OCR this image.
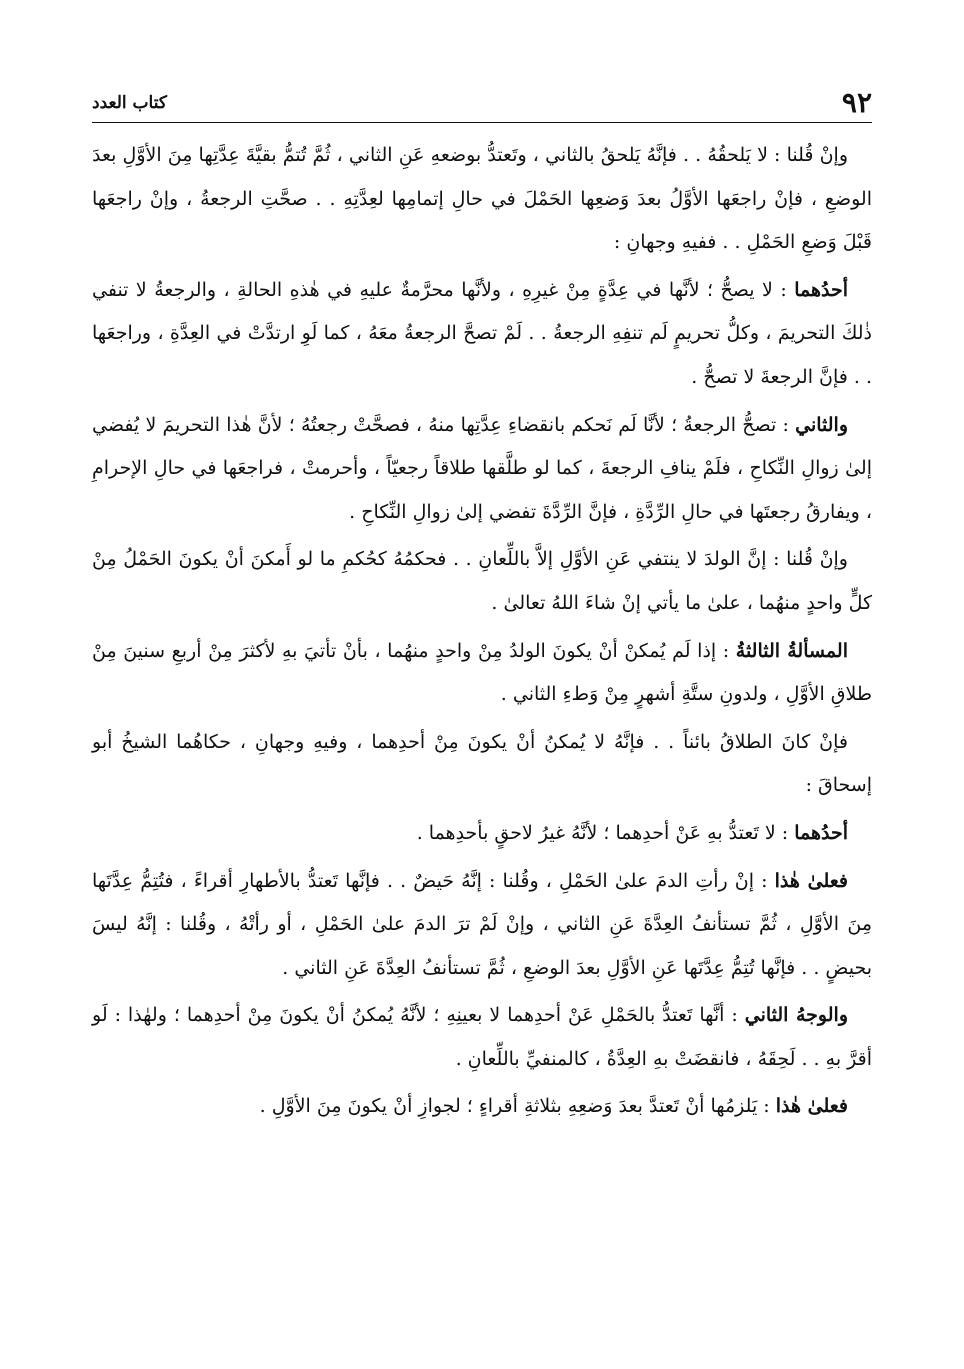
٩٢
كتاب العدد

وإنْ قُلنا : لا يَلحقُهُ . . فإنَّهُ يَلحقُ بالثاني ، وتَعتدُّ بوضعهِ عَنِ الثاني ، ثُمَّ تُتمُّ بقيَّةَ عِدَّتِها مِنَ الأوَّلِ بعدَ الوضعِ ، فإنْ راجعَها الأوَّلُ بعدَ وَضعِها الحَمْلَ في حالِ إتمامِها لعِدَّتِهِ . . صحَّتِ الرجعةُ ، وإنْ راجعَها قَبْلَ وَضعِ الحَمْلِ . . ففيهِ وجهانِ :

أحدُهما : لا يصحُّ ؛ لأنَّها في عِدَّةٍ مِنْ غيرِهِ ، ولأنَّها محرَّمةٌ عليهِ في هٰذهِ الحالةِ ، والرجعةُ لا تنفي ذٰلكَ التحريمَ ، وكلُّ تحريمٍ لَم تنفِهِ الرجعةُ . . لَمْ تصحَّ الرجعةُ معَهُ ، كما لَوِ ارتدَّتْ في العِدَّةِ ، وراجعَها . . فإنَّ الرجعةَ لا تصحُّ .

والثاني : تصحُّ الرجعةُ ؛ لأنَّا لَم نَحكم بانقضاءِ عِدَّتِها منهُ ، فصحَّتْ رجعتُهُ ؛ لأنَّ هٰذا التحريمَ لا يُفضي إلىٰ زوالِ النِّكاحِ ، فلَمْ ينافِ الرجعةَ ، كما لو طلَّقها طلاقاً رجعيّاً ، وأحرمتْ ، فراجعَها في حالِ الإحرامِ ، ويفارقُ رجعتَها في حالِ الرِّدَّةِ ، فإنَّ الرِّدَّةَ تفضي إلىٰ زوالِ النِّكاحِ .

وإنْ قُلنا : إنَّ الولدَ لا ينتفي عَنِ الأوَّلِ إلاَّ باللِّعانِ . . فحكمُهُ كحُكمِ ما لو أَمكنَ أنْ يكونَ الحَمْلُ مِنْ كلٍّ واحدٍ منهُما ، علىٰ ما يأتي إنْ شاءَ اللهُ تعالىٰ .

المسألةُ الثالثةُ : إذا لَم يُمكنْ أنْ يكونَ الولدُ مِنْ واحدٍ منهُما ، بأنْ تأتيَ بهِ لأكثرَ مِنْ أربعِ سنينَ مِنْ طلاقِ الأوَّلِ ، ولدونِ ستَّةِ أشهرٍ مِنْ وَطءِ الثاني .

فإنْ كانَ الطلاقُ بائناً . . فإنَّهُ لا يُمكنُ أنْ يكونَ مِنْ أحدِهما ، وفيهِ وجهانِ ، حكاهُما الشيخُ أبو إسحاقَ :

أحدُهما : لا تَعتدُّ بهِ عَنْ أحدِهما ؛ لأنَّهُ غيرُ لاحقٍ بأحدِهما .

فعلىٰ هٰذا : إنْ رأتِ الدمَ علىٰ الحَمْلِ ، وقُلنا : إنَّهُ حَيضٌ . . فإنَّها تَعتدُّ بالأطهارِ أقراءً ، فتُتِمُّ عِدَّتَها مِنَ الأوَّلِ ، ثُمَّ تستأنفُ العِدَّةَ عَنِ الثاني ، وإنْ لَمْ ترَ الدمَ علىٰ الحَمْلِ ، أو رأتْهُ ، وقُلنا : إنَّهُ ليسَ بحيضٍ . . فإنَّها تُتِمُّ عِدَّتَها عَنِ الأوَّلِ بعدَ الوضعِ ، ثُمَّ تستأنفُ العِدَّةَ عَنِ الثاني .

والوجهُ الثاني : أنَّها تَعتدُّ بالحَمْلِ عَنْ أحدِهما لا بعينِهِ ؛ لأنَّهُ يُمكنُ أنْ يكونَ مِنْ أحدِهما ؛ ولهٰذا : لَو أقرَّ بهِ . . لَحِقَهُ ، فانقضَتْ بهِ العِدَّةُ ، كالمنفيِّ باللِّعانِ .

فعلىٰ هٰذا : يَلزمُها أنْ تَعتدَّ بعدَ وَضعِهِ بثلاثةِ أقراءٍ ؛ لجوازِ أنْ يكونَ مِنَ الأوَّلِ .
